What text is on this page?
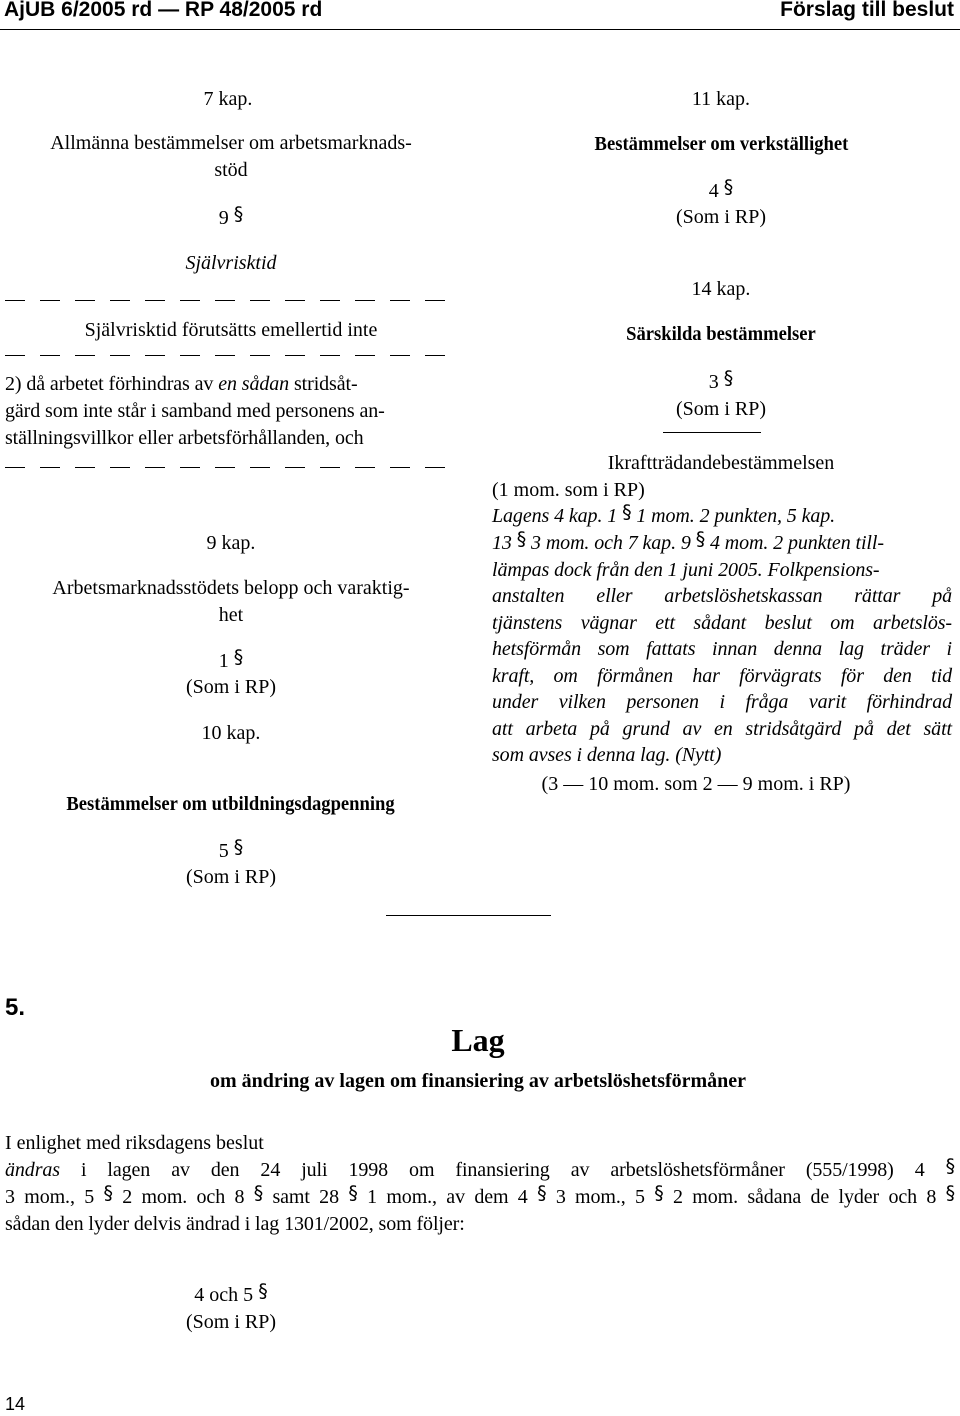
AjUB 6/2005 rd — RP 48/2005 rd	Förslag till beslut
7 kap.
Allmänna bestämmelser om arbetsmarknads-
stöd
9 §
Självrisktid
Självrisktid förutsätts emellertid inte
2) då arbetet förhindras av en sådan stridsåt-
gärd som inte står i samband med personens an-
ställningsvillkor eller arbetsförhållanden, och
9 kap.
Arbetsmarknadsstödets belopp och varaktig-
het
1 §
(Som i RP)
10 kap.
Bestämmelser om utbildningsdagpenning
5 §
(Som i RP)
11 kap.
Bestämmelser om verkställighet
4 §
(Som i RP)
14 kap.
Särskilda bestämmelser
3 §
(Som i RP)
Ikraftträdandebestämmelsen
(1 mom. som i RP)
Lagens 4 kap. 1 § 1 mom. 2 punkten, 5 kap.
13 § 3 mom. och 7 kap. 9 § 4 mom. 2 punkten till-
lämpas dock från den 1 juni 2005. Folkpensions-
anstalten eller arbetslöshetskassan rättar på
tjänstens vägnar ett sådant beslut om arbetslös-
hetsförmån som fattats innan denna lag träder i
kraft, om förmånen har förvägrats för den tid
under vilken personen i fråga varit förhindrad
att arbeta på grund av en stridsåtgärd på det sätt
som avses i denna lag. (Nytt)
(3 — 10 mom. som 2 — 9 mom. i RP)
5.
Lag
om ändring av lagen om finansiering av arbetslöshetsförmåner
I enlighet med riksdagens beslut
ändras i lagen av den 24 juli 1998 om finansiering av arbetslöshetsförmåner (555/1998) 4 §
3 mom., 5 § 2 mom. och 8 § samt 28 § 1 mom., av dem 4 § 3 mom., 5 § 2 mom. sådana de lyder och 8 §
sådan den lyder delvis ändrad i lag 1301/2002, som följer:
4 och 5 §
(Som i RP)
14
